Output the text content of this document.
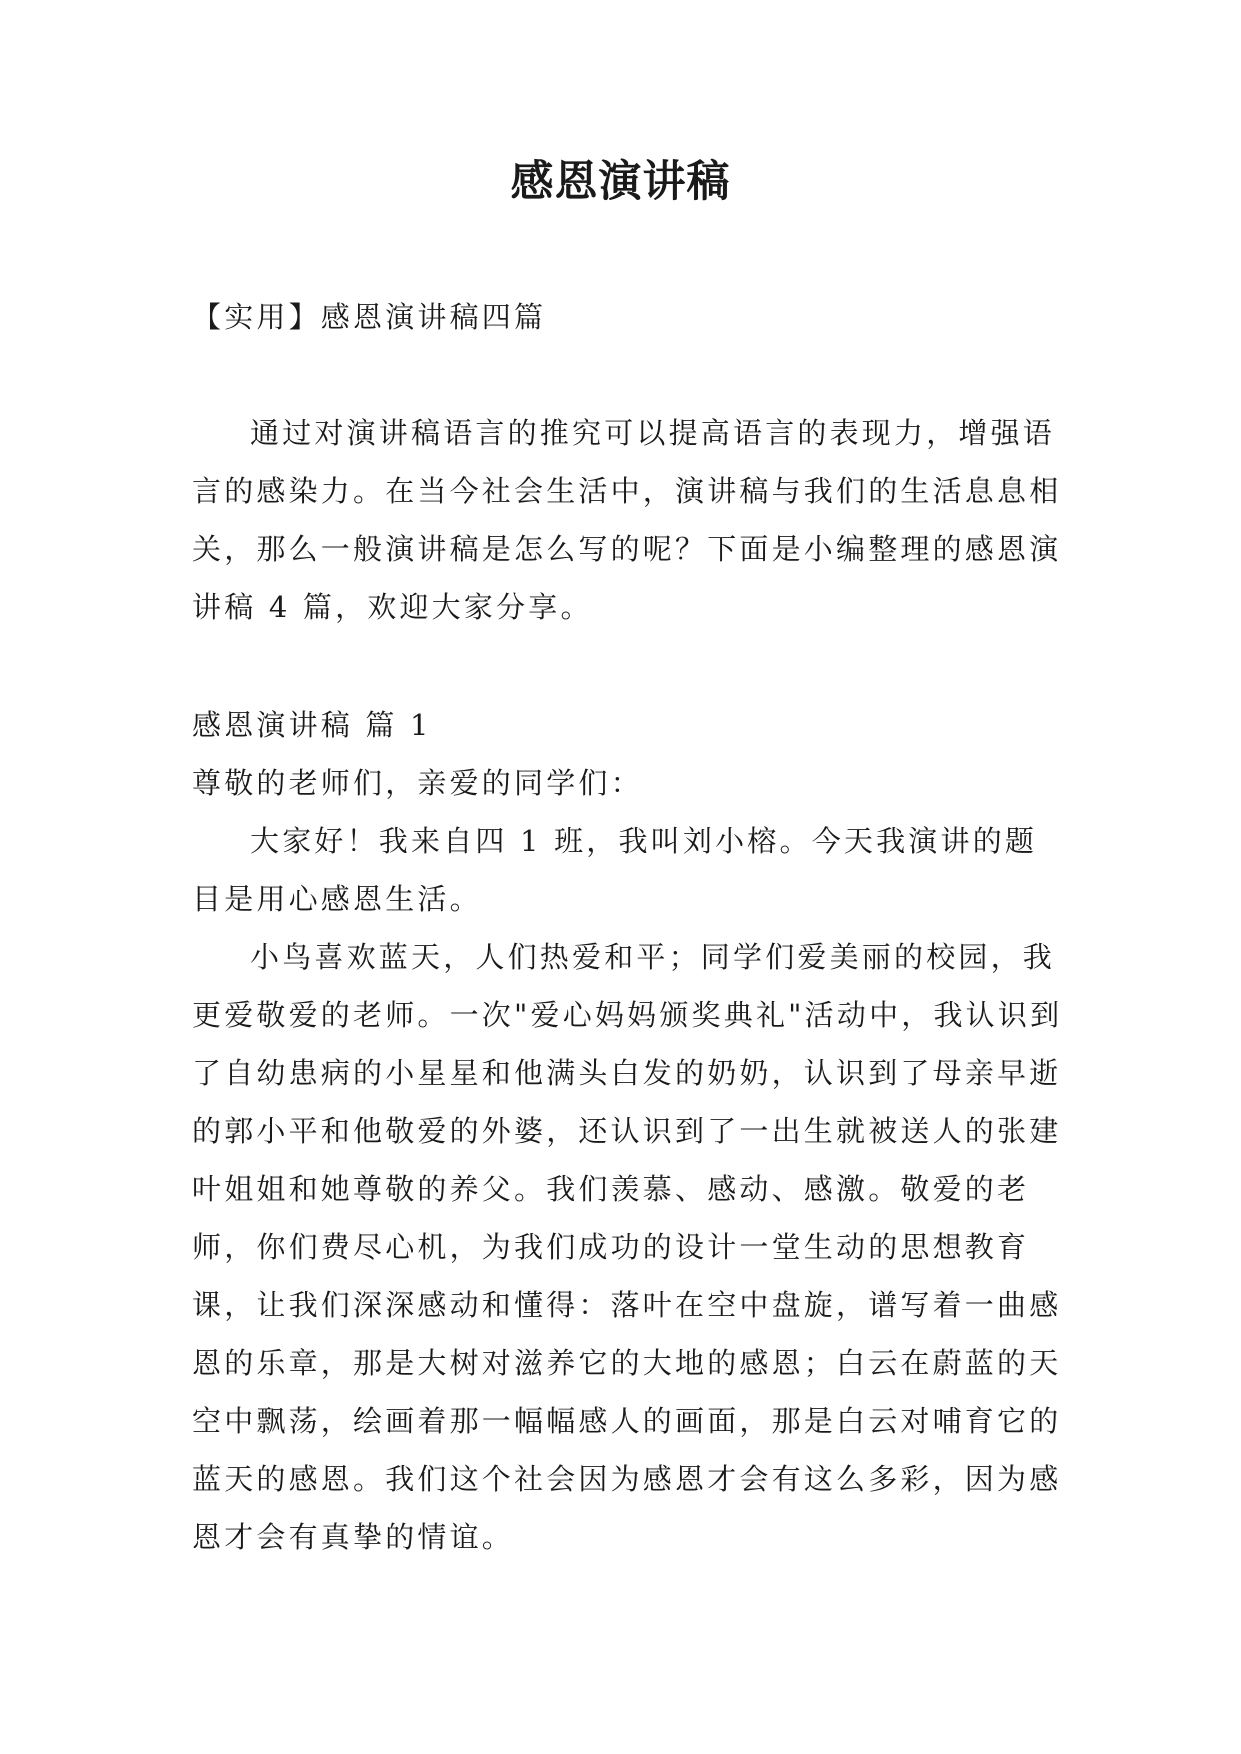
感恩演讲稿

【实用】感恩演讲稿四篇

通过对演讲稿语言的推究可以提高语言的表现力，增强语言的感染力。在当今社会生活中，演讲稿与我们的生活息息相关，那么一般演讲稿是怎么写的呢？下面是小编整理的感恩演讲稿 4 篇，欢迎大家分享。

感恩演讲稿 篇 1

尊敬的老师们，亲爱的同学们：

大家好！我来自四 1 班，我叫刘小榕。今天我演讲的题目是用心感恩生活。

小鸟喜欢蓝天，人们热爱和平；同学们爱美丽的校园，我更爱敬爱的老师。一次"爱心妈妈颁奖典礼"活动中，我认识到了自幼患病的小星星和他满头白发的奶奶，认识到了母亲早逝的郭小平和他敬爱的外婆，还认识到了一出生就被送人的张建叶姐姐和她尊敬的养父。我们羡慕、感动、感激。敬爱的老师，你们费尽心机，为我们成功的设计一堂生动的思想教育课，让我们深深感动和懂得：落叶在空中盘旋，谱写着一曲感恩的乐章，那是大树对滋养它的大地的感恩；白云在蔚蓝的天空中飘荡，绘画着那一幅幅感人的画面，那是白云对哺育它的蓝天的感恩。我们这个社会因为感恩才会有这么多彩，因为感恩才会有真挚的情谊。
